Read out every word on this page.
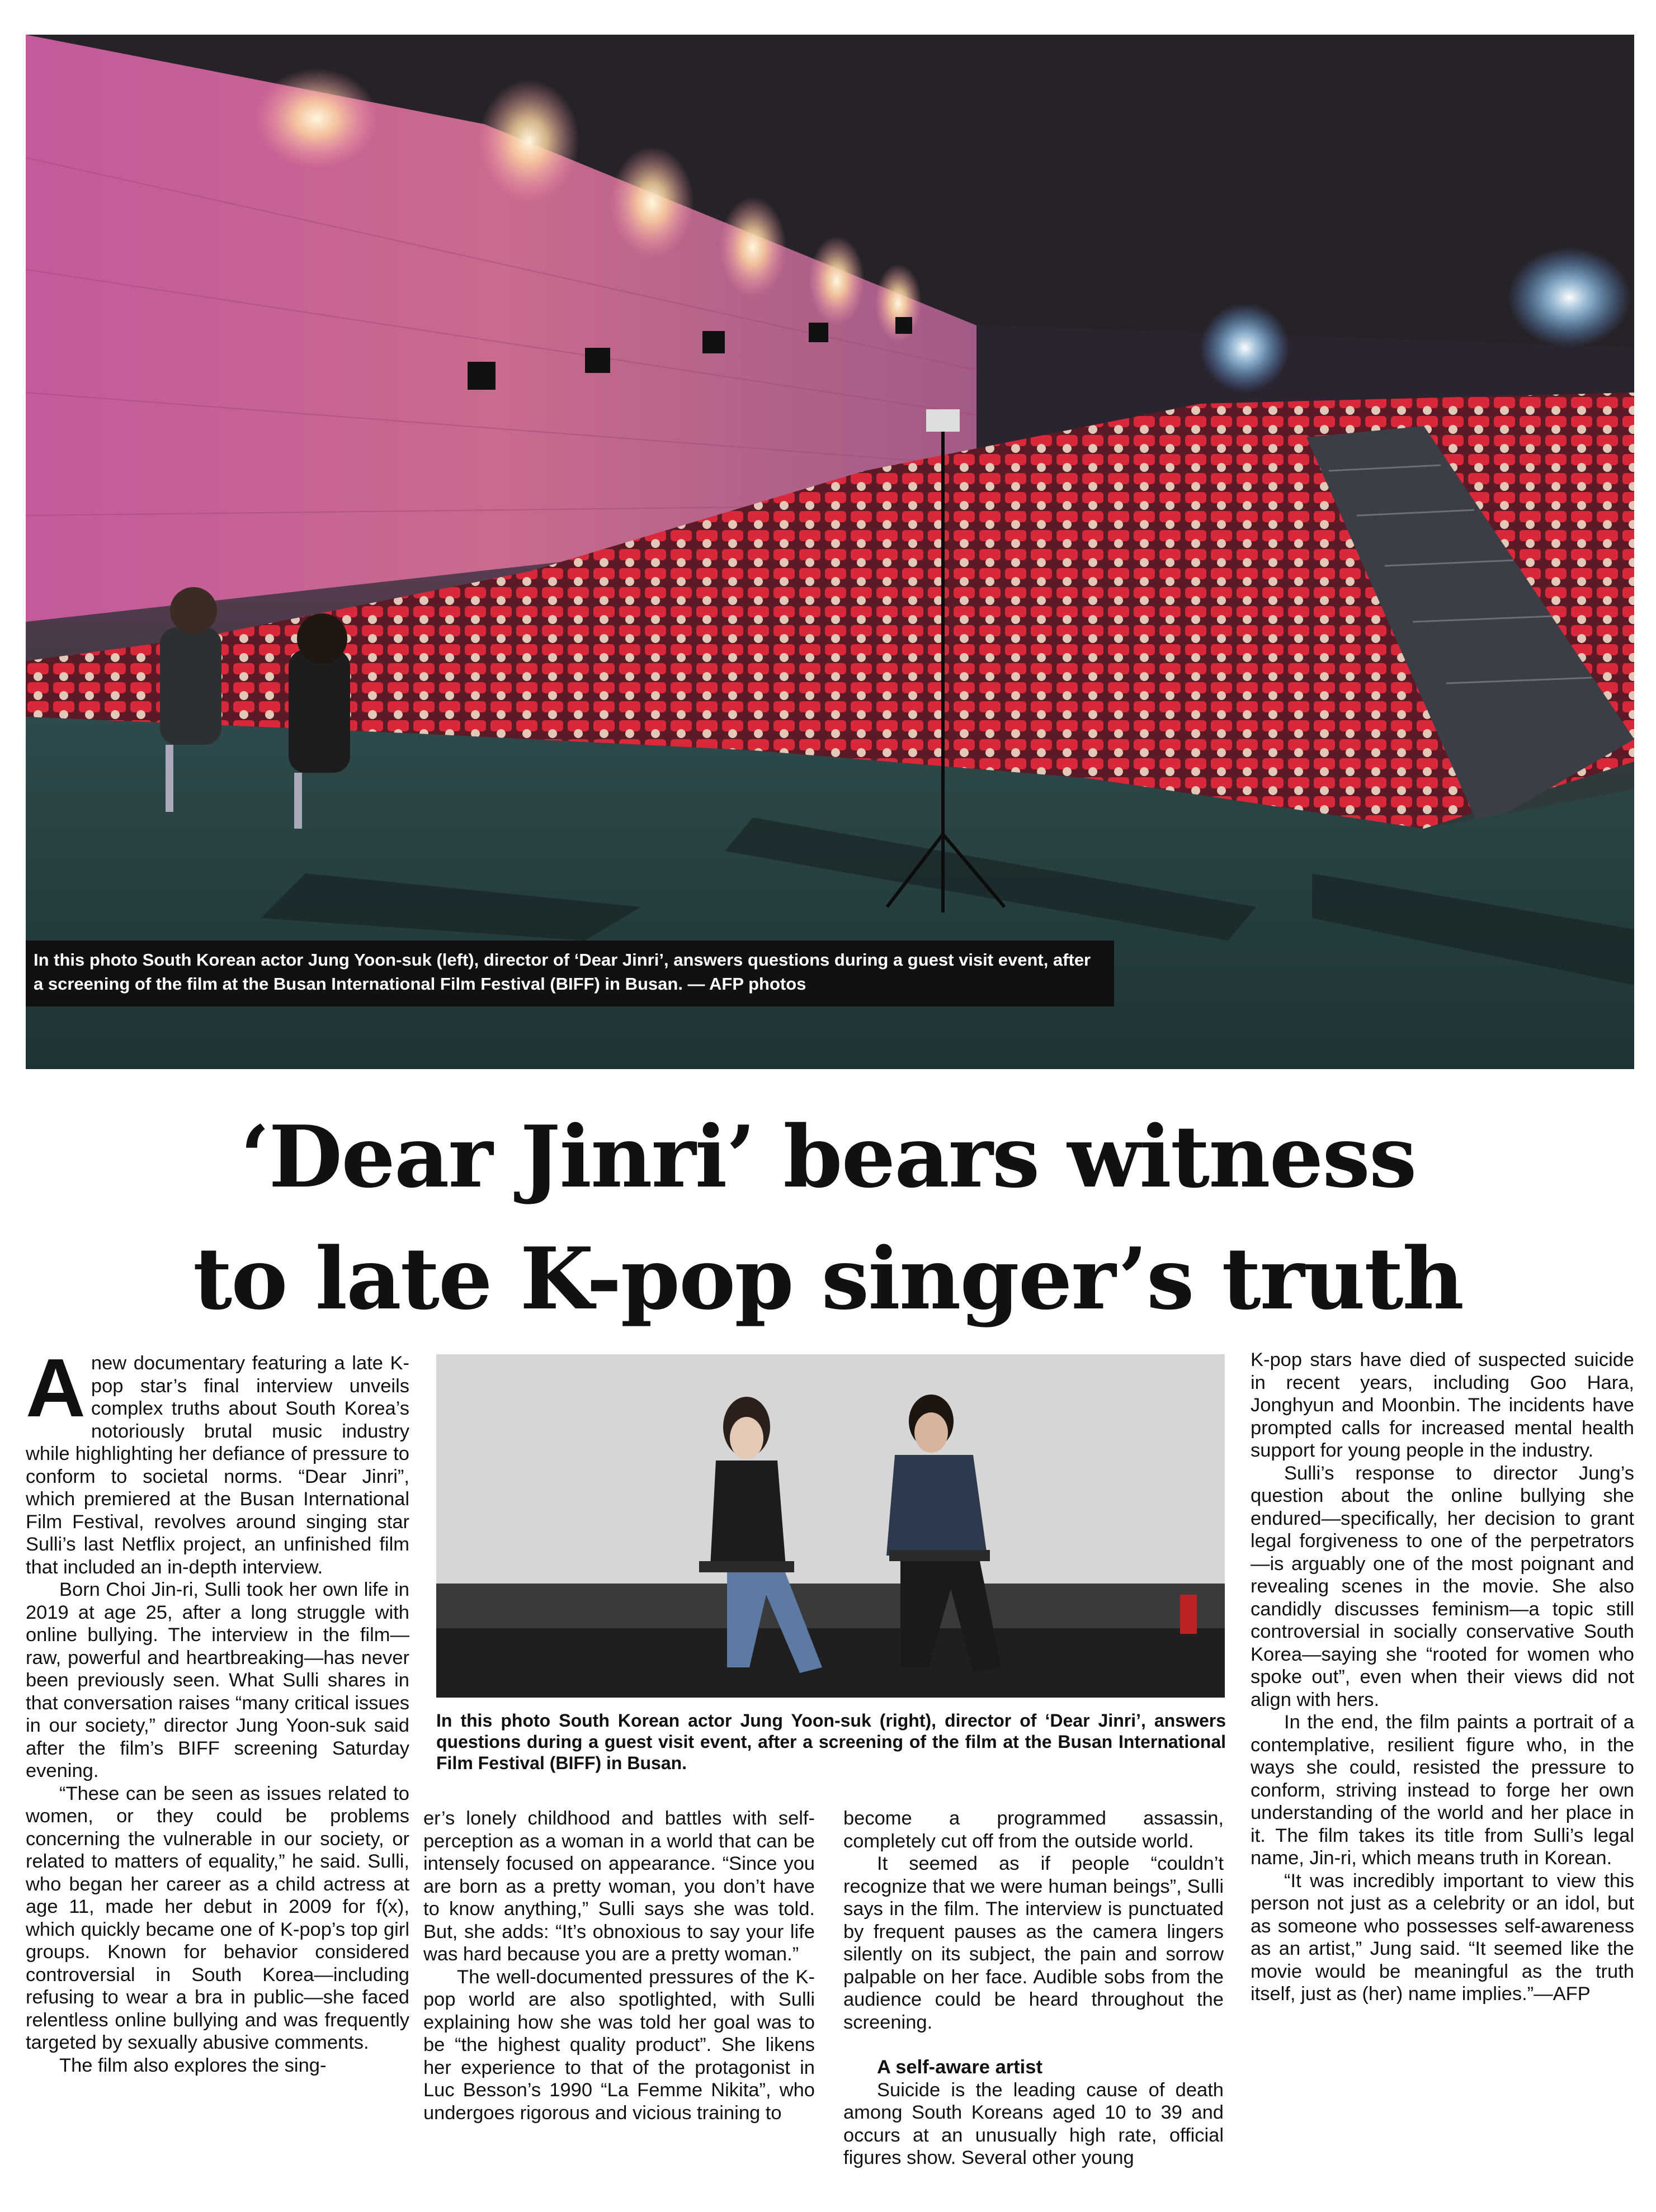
In this photo South Korean actor Jung Yoon-suk (left), director of ‘Dear Jinri’, answers questions during a guest visit event, after a screening of the film at the Busan International Film Festival (BIFF) in Busan. — AFP photos
‘Dear Jinri’ bears witness
to late K-pop singer’s truth

Anew documentary featuring a late K-pop star’s final interview unveils complex truths about South Korea’s notoriously brutal music industry while highlighting her defiance of pressure to conform to societal norms. “Dear Jinri”, which premiered at the Busan International Film Festival, revolves around singing star Sulli’s last Netflix project, an unfinished film that included an in-depth interview.

Born Choi Jin-ri, Sulli took her own life in 2019 at age 25, after a long struggle with online bullying. The interview in the film—raw, powerful and heartbreaking—has never been previously seen. What Sulli shares in that conversation raises “many critical issues in our society,” director Jung Yoon-suk said after the film’s BIFF screening Saturday evening.

“These can be seen as issues related to women, or they could be problems concerning the vulnerable in our society, or related to matters of equality,” he said. Sulli, who began her career as a child actress at age 11, made her debut in 2009 for f(x), which quickly became one of K-pop’s top girl groups. Known for behavior considered controversial in South Korea—including refusing to wear a bra in public—she faced relentless online bullying and was frequently targeted by sexually abusive comments.

The film also explores the sing-

In this photo South Korean actor Jung Yoon-suk (right), director of ‘Dear Jinri’, answers questions during a guest visit event, after a screening of the film at the Busan International Film Festival (BIFF) in Busan.

er’s lonely childhood and battles with self-perception as a woman in a world that can be intensely focused on appearance. “Since you are born as a pretty woman, you don’t have to know anything,” Sulli says she was told. But, she adds: “It’s obnoxious to say your life was hard because you are a pretty woman.”

The well-documented pressures of the K-pop world are also spotlighted, with Sulli explaining how she was told her goal was to be “the highest quality product”. She likens her experience to that of the protagonist in Luc Besson’s 1990 “La Femme Nikita”, who undergoes rigorous and vicious training to

become a programmed assassin, completely cut off from the outside world.

It seemed as if people “couldn’t recognize that we were human beings”, Sulli says in the film. The interview is punctuated by frequent pauses as the camera lingers silently on its subject, the pain and sorrow palpable on her face. Audible sobs from the audience could be heard throughout the screening.

A self-aware artist

Suicide is the leading cause of death among South Koreans aged 10 to 39 and occurs at an unusually high rate, official figures show. Several other young

K-pop stars have died of suspected suicide in recent years, including Goo Hara, Jonghyun and Moonbin. The incidents have prompted calls for increased mental health support for young people in the industry.

Sulli’s response to director Jung’s question about the online bullying she endured—specifically, her decision to grant legal forgiveness to one of the perpetrators—is arguably one of the most poignant and revealing scenes in the movie. She also candidly discusses feminism—a topic still controversial in socially conservative South Korea—saying she “rooted for women who spoke out”, even when their views did not align with hers.

In the end, the film paints a portrait of a contemplative, resilient figure who, in the ways she could, resisted the pressure to conform, striving instead to forge her own understanding of the world and her place in it. The film takes its title from Sulli’s legal name, Jin-ri, which means truth in Korean.

“It was incredibly important to view this person not just as a celebrity or an idol, but as someone who possesses self-awareness as an artist,” Jung said. “It seemed like the movie would be meaningful as the truth itself, just as (her) name implies.”—AFP
